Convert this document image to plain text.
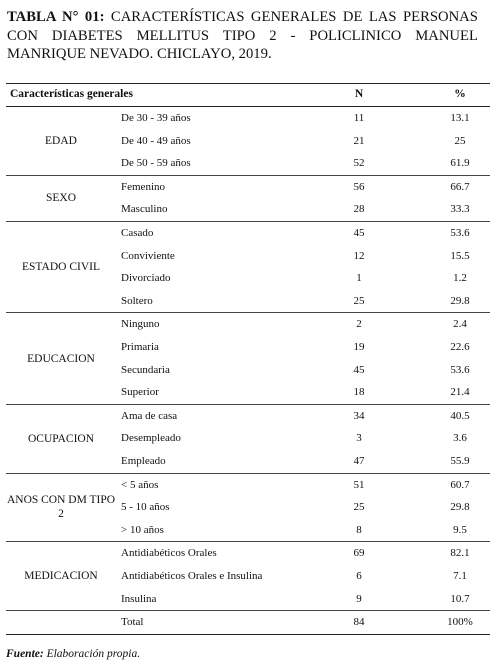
TABLA N° 01: CARACTERÍSTICAS GENERALES DE LAS PERSONAS CON DIABETES MELLITUS TIPO 2 - POLICLINICO MANUEL MANRIQUE NEVADO. CHICLAYO, 2019.
Características generales	N	%
EDAD
De 30 - 39 años	11	13.1
De 40 - 49 años	21	25
De 50 - 59 años	52	61.9
SEXO
Femenino	56	66.7
Masculino	28	33.3
ESTADO CIVIL
Casado	45	53.6
Conviviente	12	15.5
Divorciado	1	1.2
Soltero	25	29.8
EDUCACION
Ninguno	2	2.4
Primaria	19	22.6
Secundaria	45	53.6
Superior	18	21.4
OCUPACION
Ama de casa	34	40.5
Desempleado	3	3.6
Empleado	47	55.9
ANOS CON DM TIPO 2
< 5 años	51	60.7
5 - 10 años	25	29.8
> 10 años	8	9.5
MEDICACION
Antidiabéticos Orales	69	82.1
Antidiabéticos Orales e Insulina	6	7.1
Insulina	9	10.7
Total	84	100%
Fuente: Elaboración propia.
